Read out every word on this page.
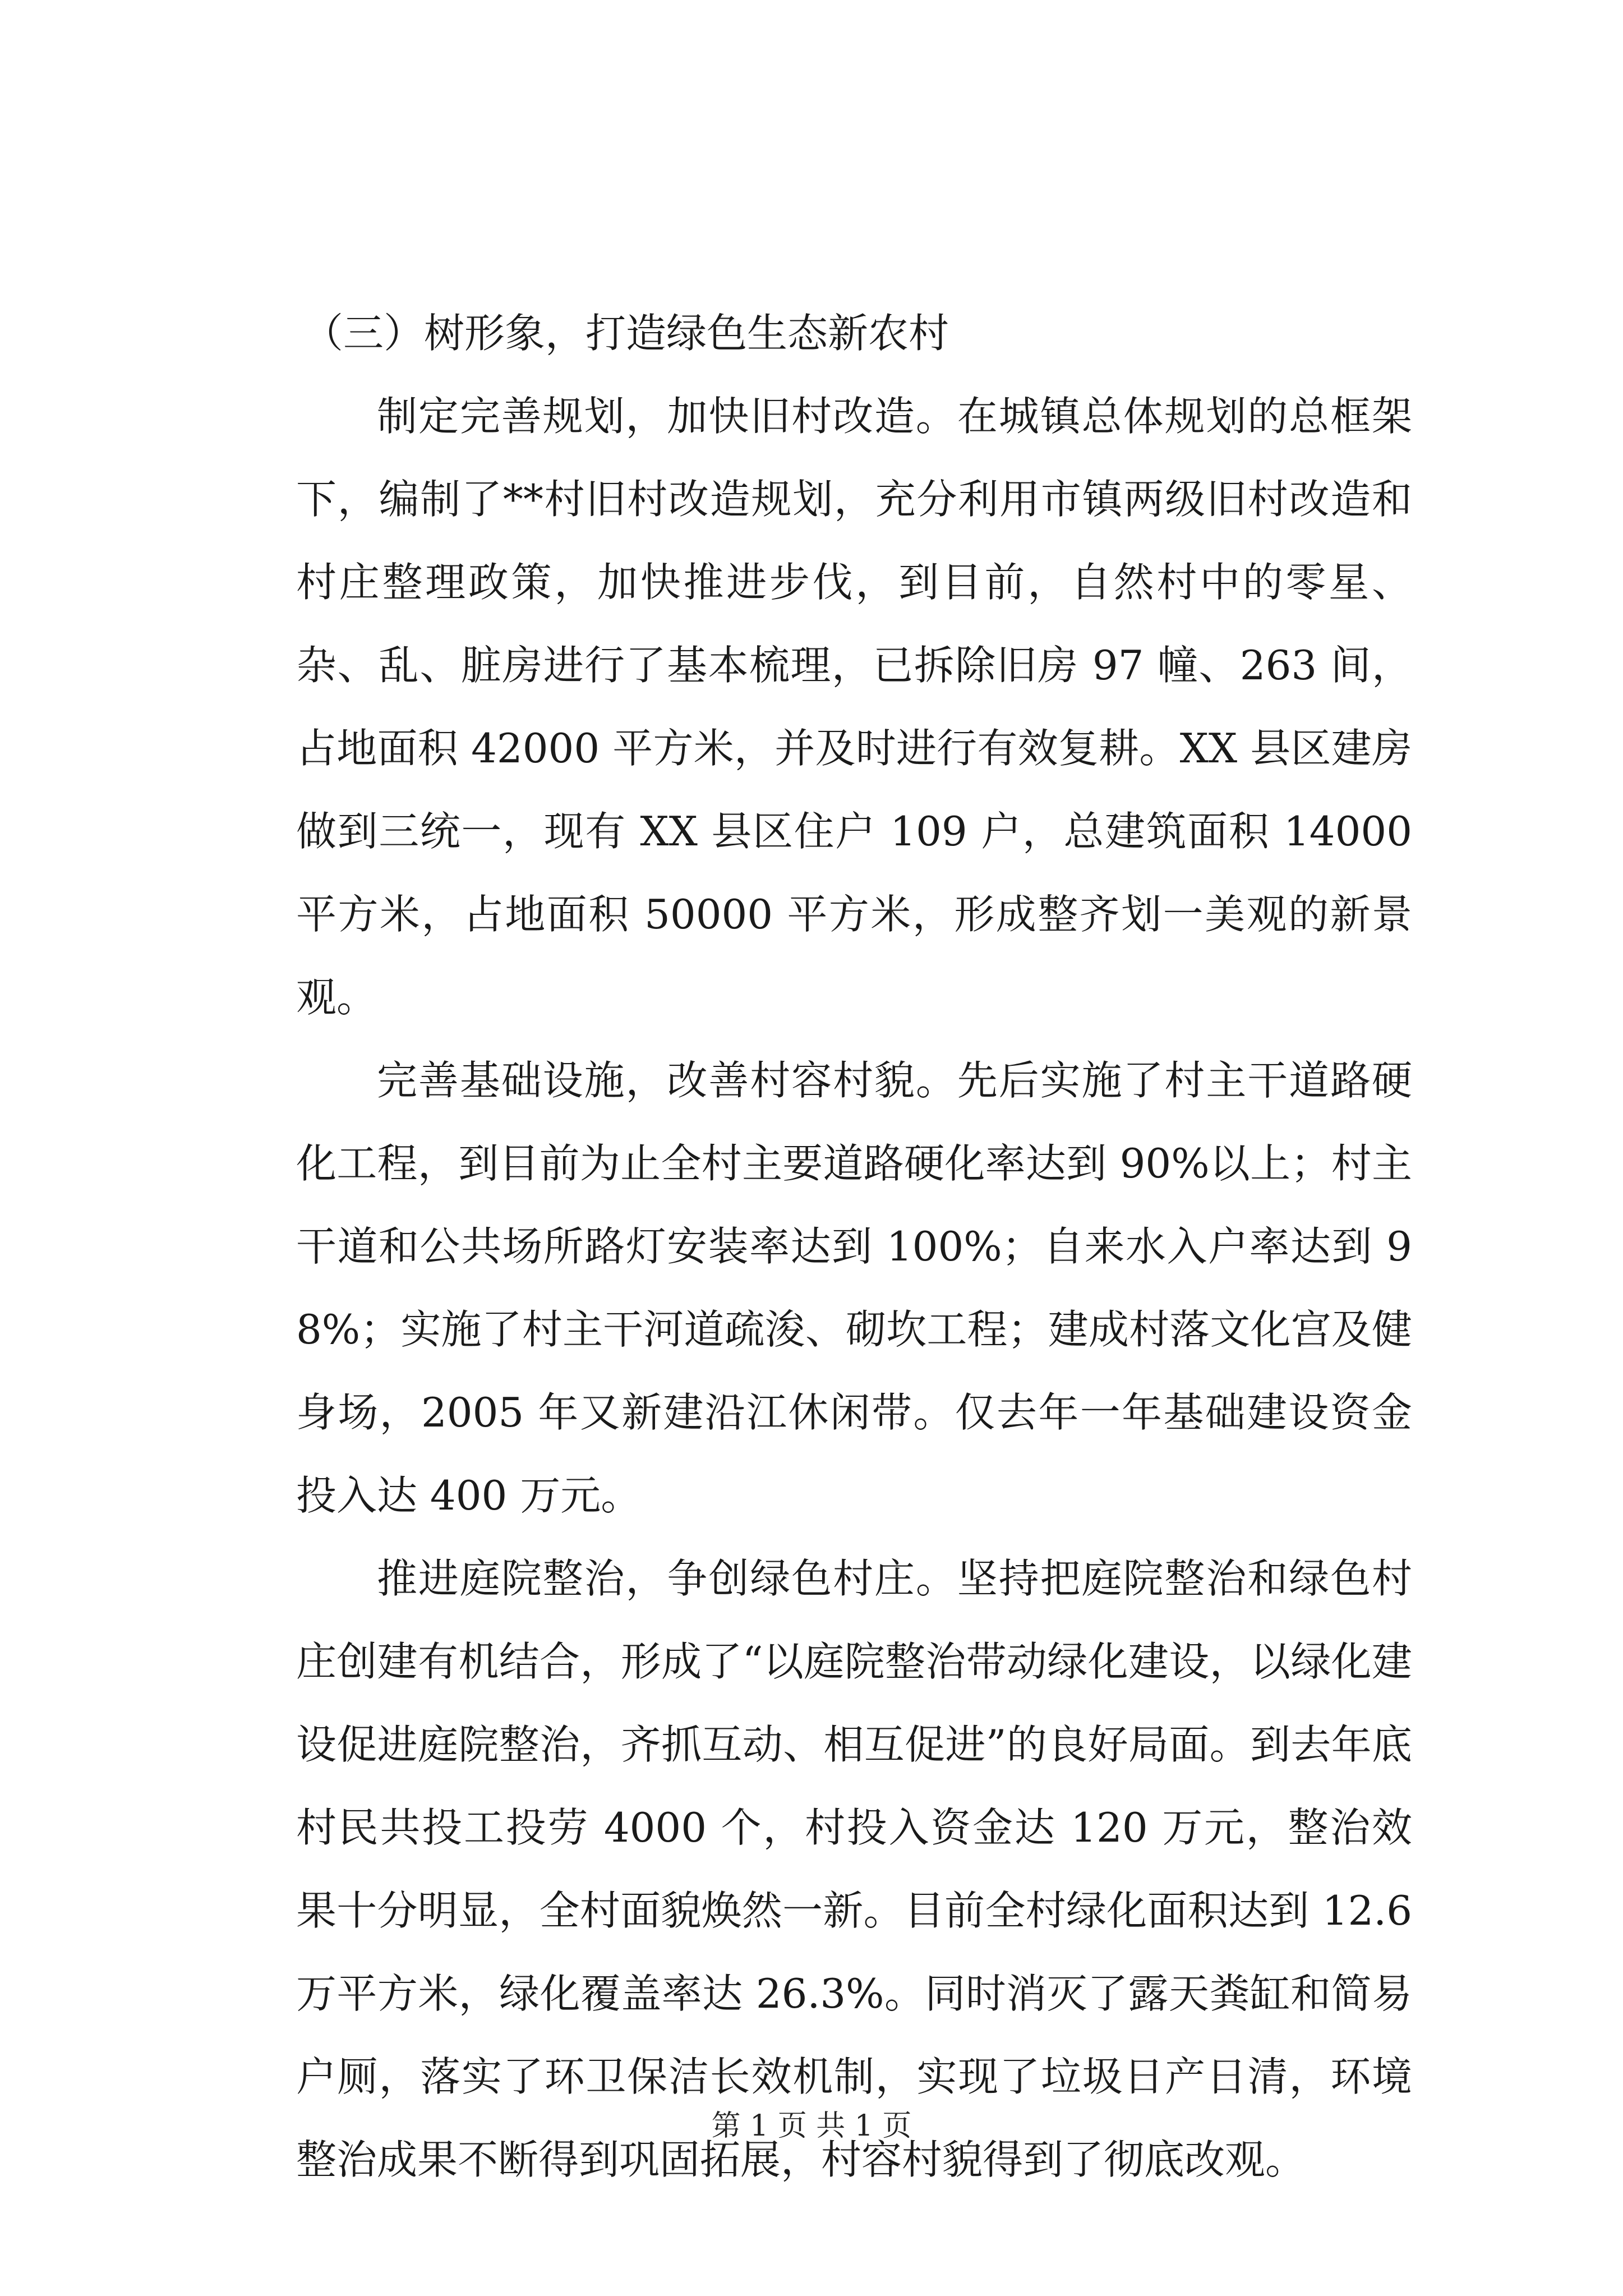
（三）树形象，打造绿色生态新农村

制定完善规划，加快旧村改造。在城镇总体规划的总框架下，编制了**村旧村改造规划，充分利用市镇两级旧村改造和村庄整理政策，加快推进步伐，到目前，自然村中的零星、杂、乱、脏房进行了基本梳理，已拆除旧房 97 幢、263 间，占地面积 42000 平方米，并及时进行有效复耕。XX 县区建房做到三统一，现有 XX 县区住户 109 户，总建筑面积 14000 平方米，占地面积 50000 平方米，形成整齐划一美观的新景观。

完善基础设施，改善村容村貌。先后实施了村主干道路硬化工程，到目前为止全村主要道路硬化率达到 90%以上；村主干道和公共场所路灯安装率达到 100%；自来水入户率达到 98%；实施了村主干河道疏浚、砌坎工程；建成村落文化宫及健身场，2005 年又新建沿江休闲带。仅去年一年基础建设资金投入达 400 万元。

推进庭院整治，争创绿色村庄。坚持把庭院整治和绿色村庄创建有机结合，形成了“以庭院整治带动绿化建设，以绿化建设促进庭院整治，齐抓互动、相互促进”的良好局面。到去年底村民共投工投劳 4000 个，村投入资金达 120 万元，整治效果十分明显，全村面貌焕然一新。目前全村绿化面积达到 12.6 万平方米，绿化覆盖率达 26.3%。同时消灭了露天粪缸和简易户厕，落实了环卫保洁长效机制，实现了垃圾日产日清，环境整治成果不断得到巩固拓展，村容村貌得到了彻底改观。

第 1 页 共 1 页
